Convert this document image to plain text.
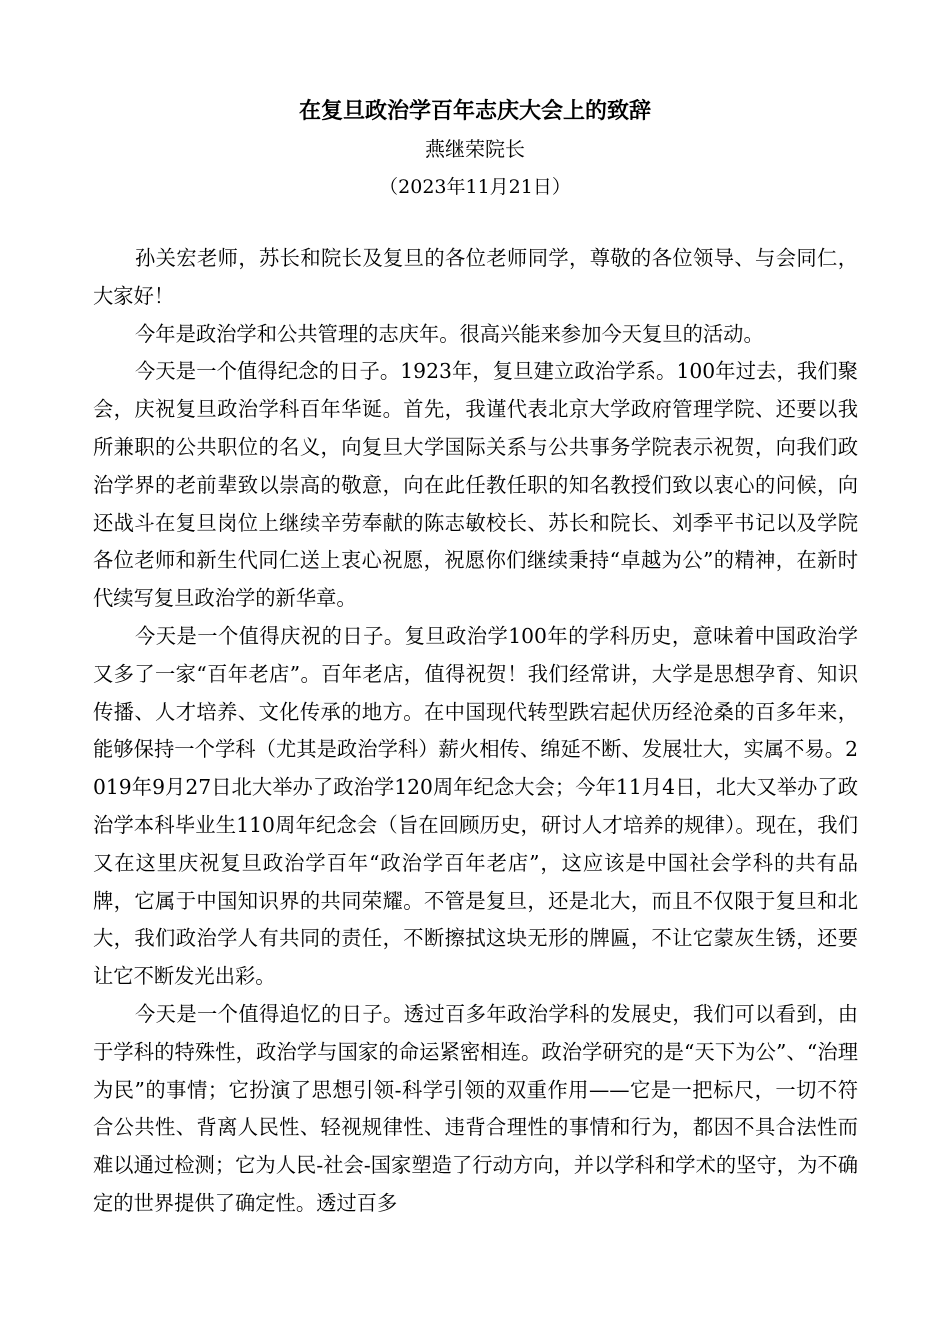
在复旦政治学百年志庆大会上的致辞
燕继荣院长
（2023年11月21日）

孙关宏老师，苏长和院长及复旦的各位老师同学，尊敬的各位领导、与会同仁，大家好！

今年是政治学和公共管理的志庆年。很高兴能来参加今天复旦的活动。

今天是一个值得纪念的日子。1923年，复旦建立政治学系。100年过去，我们聚会，庆祝复旦政治学科百年华诞。首先，我谨代表北京大学政府管理学院、还要以我所兼职的公共职位的名义，向复旦大学国际关系与公共事务学院表示祝贺，向我们政治学界的老前辈致以崇高的敬意，向在此任教任职的知名教授们致以衷心的问候，向还战斗在复旦岗位上继续辛劳奉献的陈志敏校长、苏长和院长、刘季平书记以及学院各位老师和新生代同仁送上衷心祝愿，祝愿你们继续秉持“卓越为公”的精神，在新时代续写复旦政治学的新华章。

今天是一个值得庆祝的日子。复旦政治学100年的学科历史，意味着中国政治学又多了一家“百年老店”。百年老店，值得祝贺！我们经常讲，大学是思想孕育、知识传播、人才培养、文化传承的地方。在中国现代转型跌宕起伏历经沧桑的百多年来，能够保持一个学科（尤其是政治学科）薪火相传、绵延不断、发展壮大，实属不易。2019年9月27日北大举办了政治学120周年纪念大会；今年11月4日，北大又举办了政治学本科毕业生110周年纪念会（旨在回顾历史，研讨人才培养的规律）。现在，我们又在这里庆祝复旦政治学百年“政治学百年老店”，这应该是中国社会学科的共有品牌，它属于中国知识界的共同荣耀。不管是复旦，还是北大，而且不仅限于复旦和北大，我们政治学人有共同的责任，不断擦拭这块无形的牌匾，不让它蒙灰生锈，还要让它不断发光出彩。

今天是一个值得追忆的日子。透过百多年政治学科的发展史，我们可以看到，由于学科的特殊性，政治学与国家的命运紧密相连。政治学研究的是“天下为公”、“治理为民”的事情；它扮演了思想引领-科学引领的双重作用——它是一把标尺，一切不符合公共性、背离人民性、轻视规律性、违背合理性的事情和行为，都因不具合法性而难以通过检测；它为人民-社会-国家塑造了行动方向，并以学科和学术的坚守，为不确定的世界提供了确定性。透过百多
